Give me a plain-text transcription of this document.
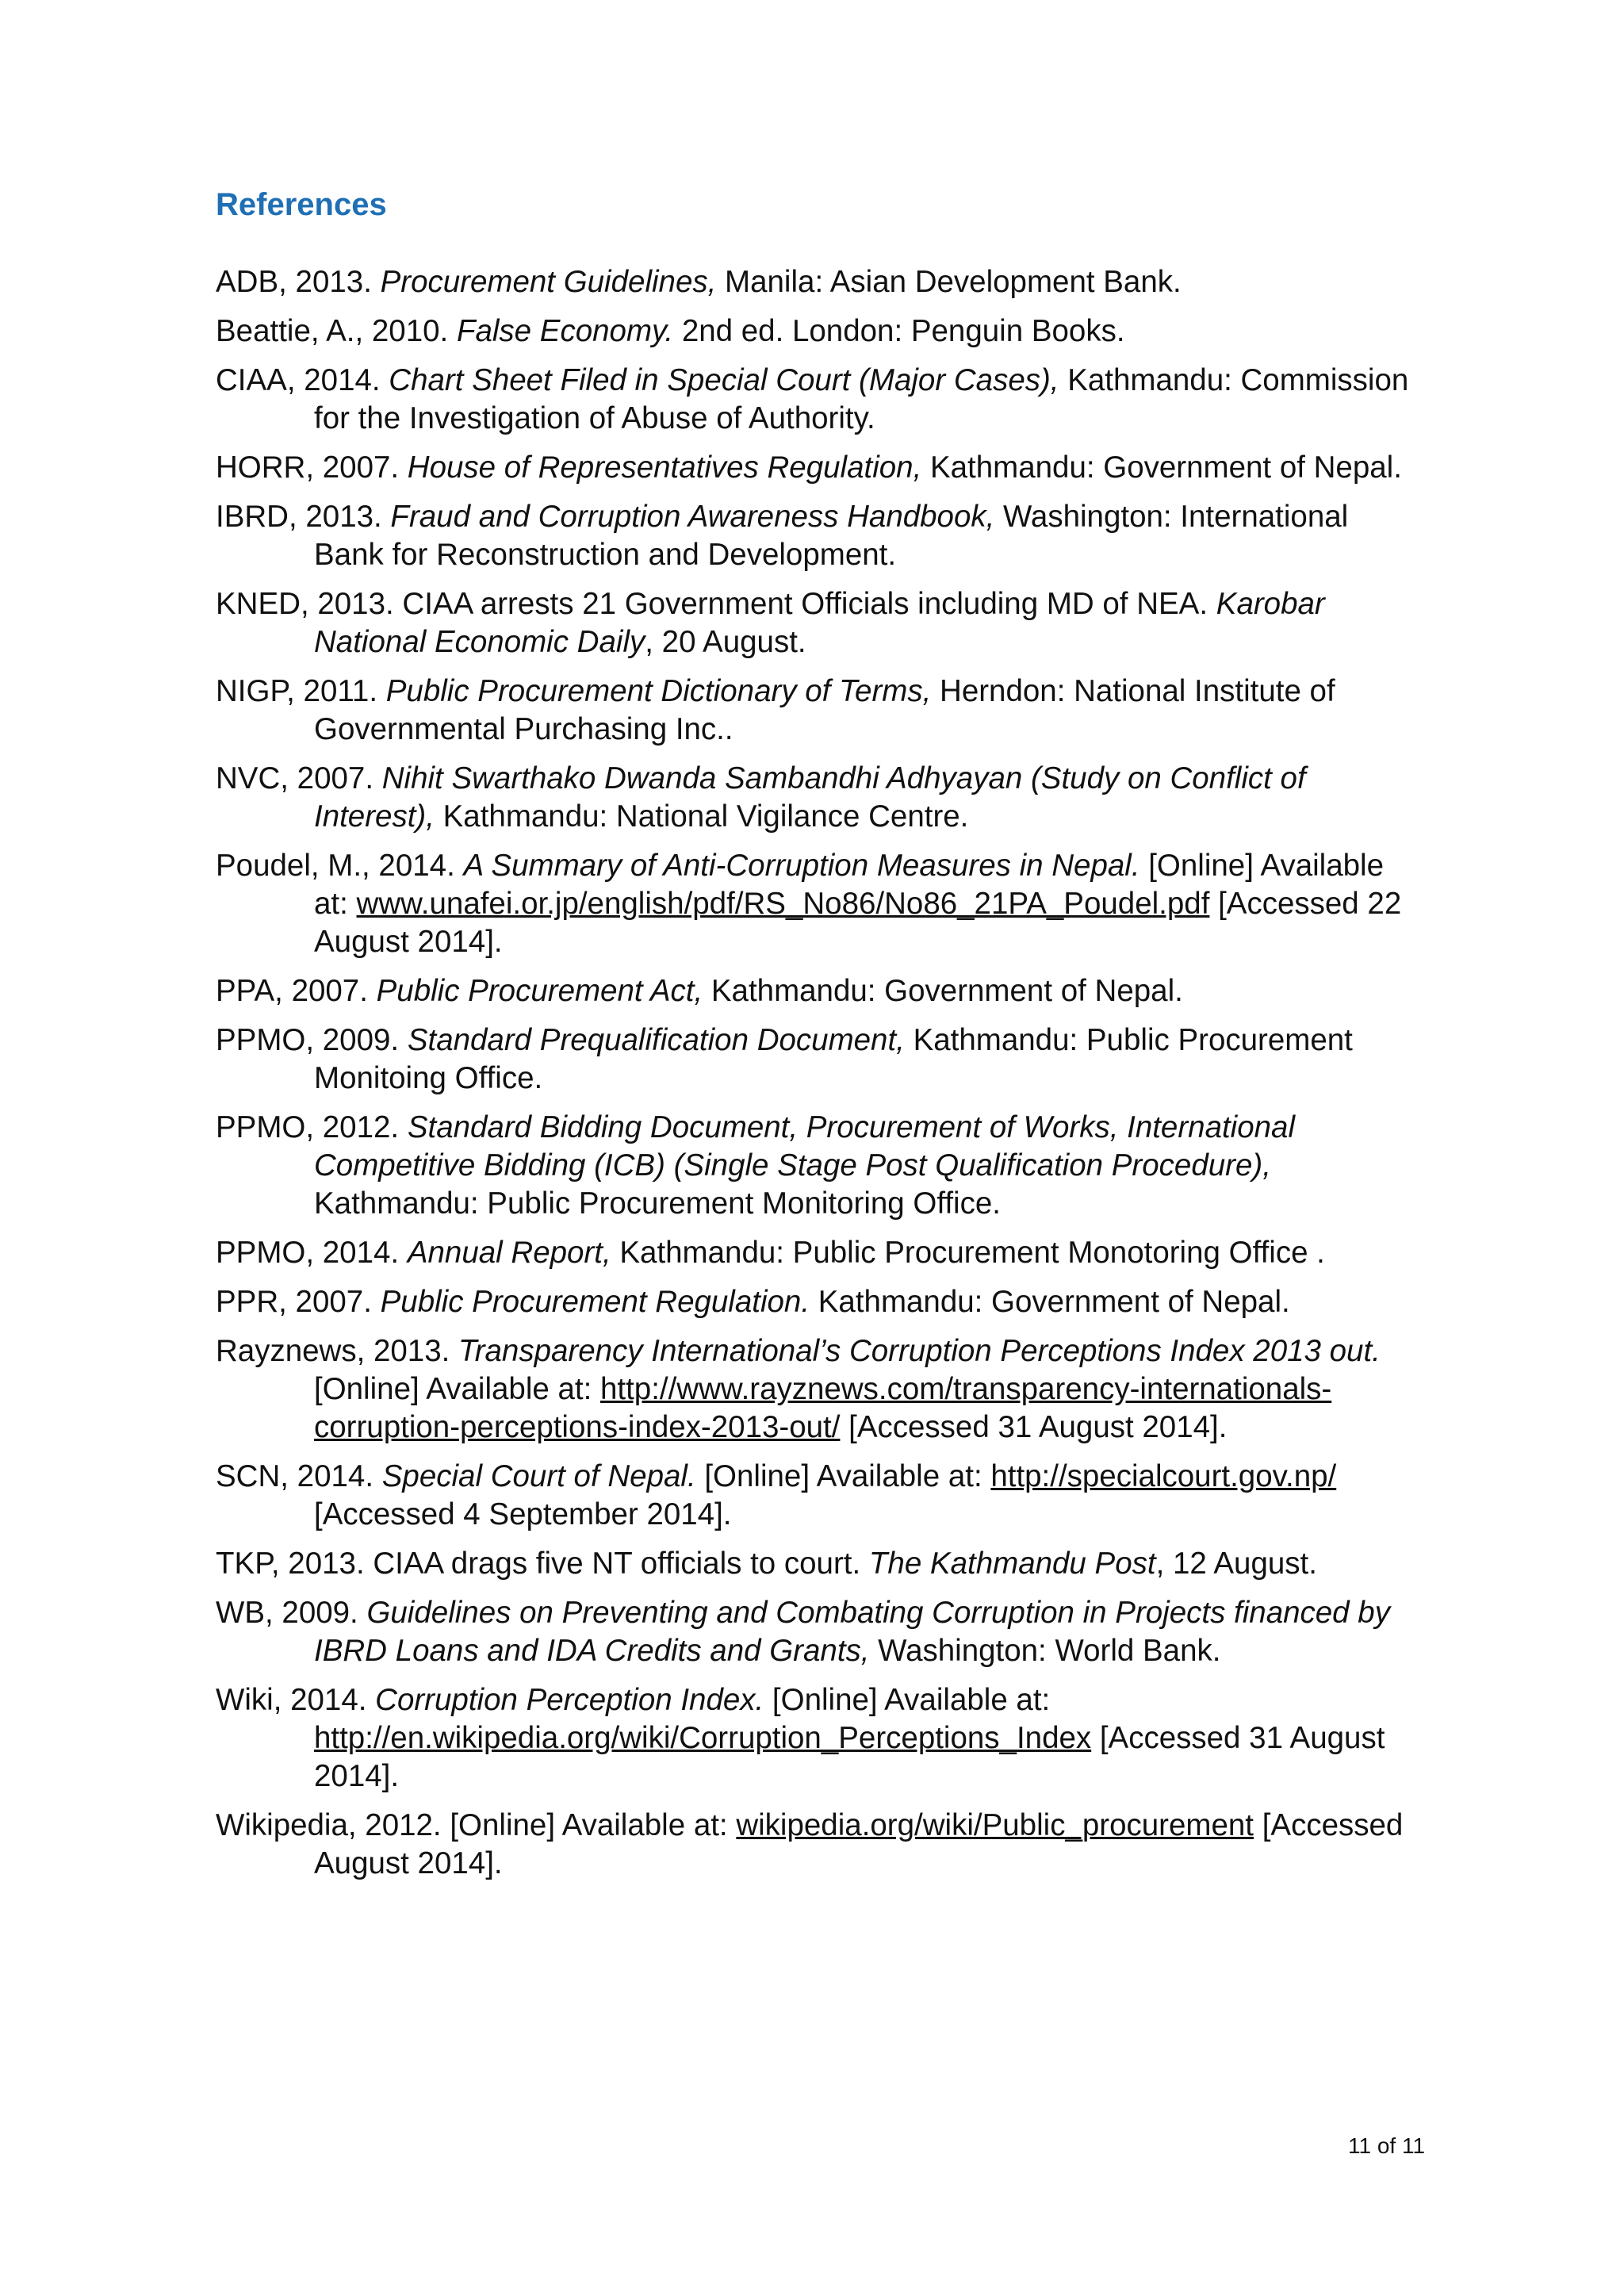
References
ADB, 2013. Procurement Guidelines, Manila: Asian Development Bank.
Beattie, A., 2010. False Economy. 2nd ed. London: Penguin Books.
CIAA, 2014. Chart Sheet Filed in Special Court (Major Cases), Kathmandu: Commission for the Investigation of Abuse of Authority.
HORR, 2007. House of Representatives Regulation, Kathmandu: Government of Nepal.
IBRD, 2013. Fraud and Corruption Awareness Handbook, Washington: International Bank for Reconstruction and Development.
KNED, 2013. CIAA arrests 21 Government Officials including MD of NEA. Karobar National Economic Daily, 20 August.
NIGP, 2011. Public Procurement Dictionary of Terms, Herndon: National Institute of Governmental Purchasing Inc..
NVC, 2007. Nihit Swarthako Dwanda Sambandhi Adhyayan (Study on Conflict of Interest), Kathmandu: National Vigilance Centre.
Poudel, M., 2014. A Summary of Anti-Corruption Measures in Nepal. [Online] Available at: www.unafei.or.jp/english/pdf/RS_No86/No86_21PA_Poudel.pdf [Accessed 22 August 2014].
PPA, 2007. Public Procurement Act, Kathmandu: Government of Nepal.
PPMO, 2009. Standard Prequalification Document, Kathmandu: Public Procurement Monitoing Office.
PPMO, 2012. Standard Bidding Document, Procurement of Works, International Competitive Bidding (ICB) (Single Stage Post Qualification Procedure), Kathmandu: Public Procurement Monitoring Office.
PPMO, 2014. Annual Report, Kathmandu: Public Procurement Monotoring Office .
PPR, 2007. Public Procurement Regulation. Kathmandu: Government of Nepal.
Rayznews, 2013. Transparency International’s Corruption Perceptions Index 2013 out. [Online] Available at: http://www.rayznews.com/transparency-internationals-corruption-perceptions-index-2013-out/ [Accessed 31 August 2014].
SCN, 2014. Special Court of Nepal. [Online] Available at: http://specialcourt.gov.np/ [Accessed 4 September 2014].
TKP, 2013. CIAA drags five NT officials to court. The Kathmandu Post, 12 August.
WB, 2009. Guidelines on Preventing and Combating Corruption in Projects financed by IBRD Loans and IDA Credits and Grants, Washington: World Bank.
Wiki, 2014. Corruption Perception Index. [Online] Available at: http://en.wikipedia.org/wiki/Corruption_Perceptions_Index [Accessed 31 August 2014].
Wikipedia, 2012. [Online] Available at: wikipedia.org/wiki/Public_procurement [Accessed August 2014].
11 of 11
